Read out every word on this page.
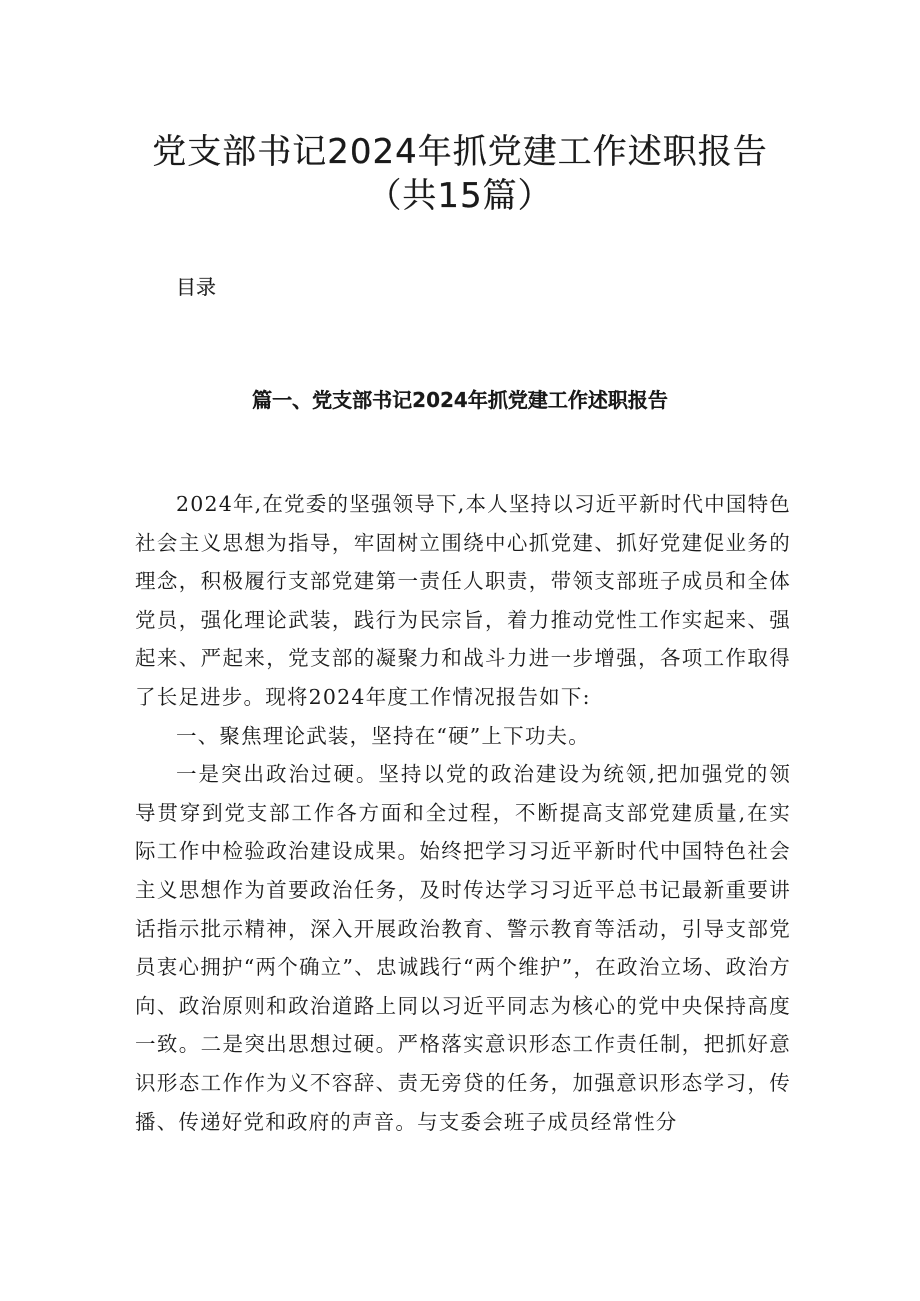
党支部书记2024年抓党建工作述职报告（共15篇）
目录
篇一、党支部书记2024年抓党建工作述职报告

2024年,在党委的坚强领导下,本人坚持以习近平新时代中国特色社会主义思想为指导，牢固树立围绕中心抓党建、抓好党建促业务的理念，积极履行支部党建第一责任人职责，带领支部班子成员和全体党员，强化理论武装，践行为民宗旨，着力推动党性工作实起来、强起来、严起来，党支部的凝聚力和战斗力进一步增强，各项工作取得了长足进步。现将2024年度工作情况报告如下:

一、聚焦理论武装，坚持在“硬”上下功夫。

一是突出政治过硬。坚持以党的政治建设为统领,把加强党的领导贯穿到党支部工作各方面和全过程，不断提高支部党建质量,在实际工作中检验政治建设成果。始终把学习习近平新时代中国特色社会主义思想作为首要政治任务，及时传达学习习近平总书记最新重要讲话指示批示精神，深入开展政治教育、警示教育等活动，引导支部党员衷心拥护“两个确立”、忠诚践行“两个维护”，在政治立场、政治方向、政治原则和政治道路上同以习近平同志为核心的党中央保持高度一致。二是突出思想过硬。严格落实意识形态工作责任制，把抓好意识形态工作作为义不容辞、责无旁贷的任务，加强意识形态学习，传播、传递好党和政府的声音。与支委会班子成员经常性分
